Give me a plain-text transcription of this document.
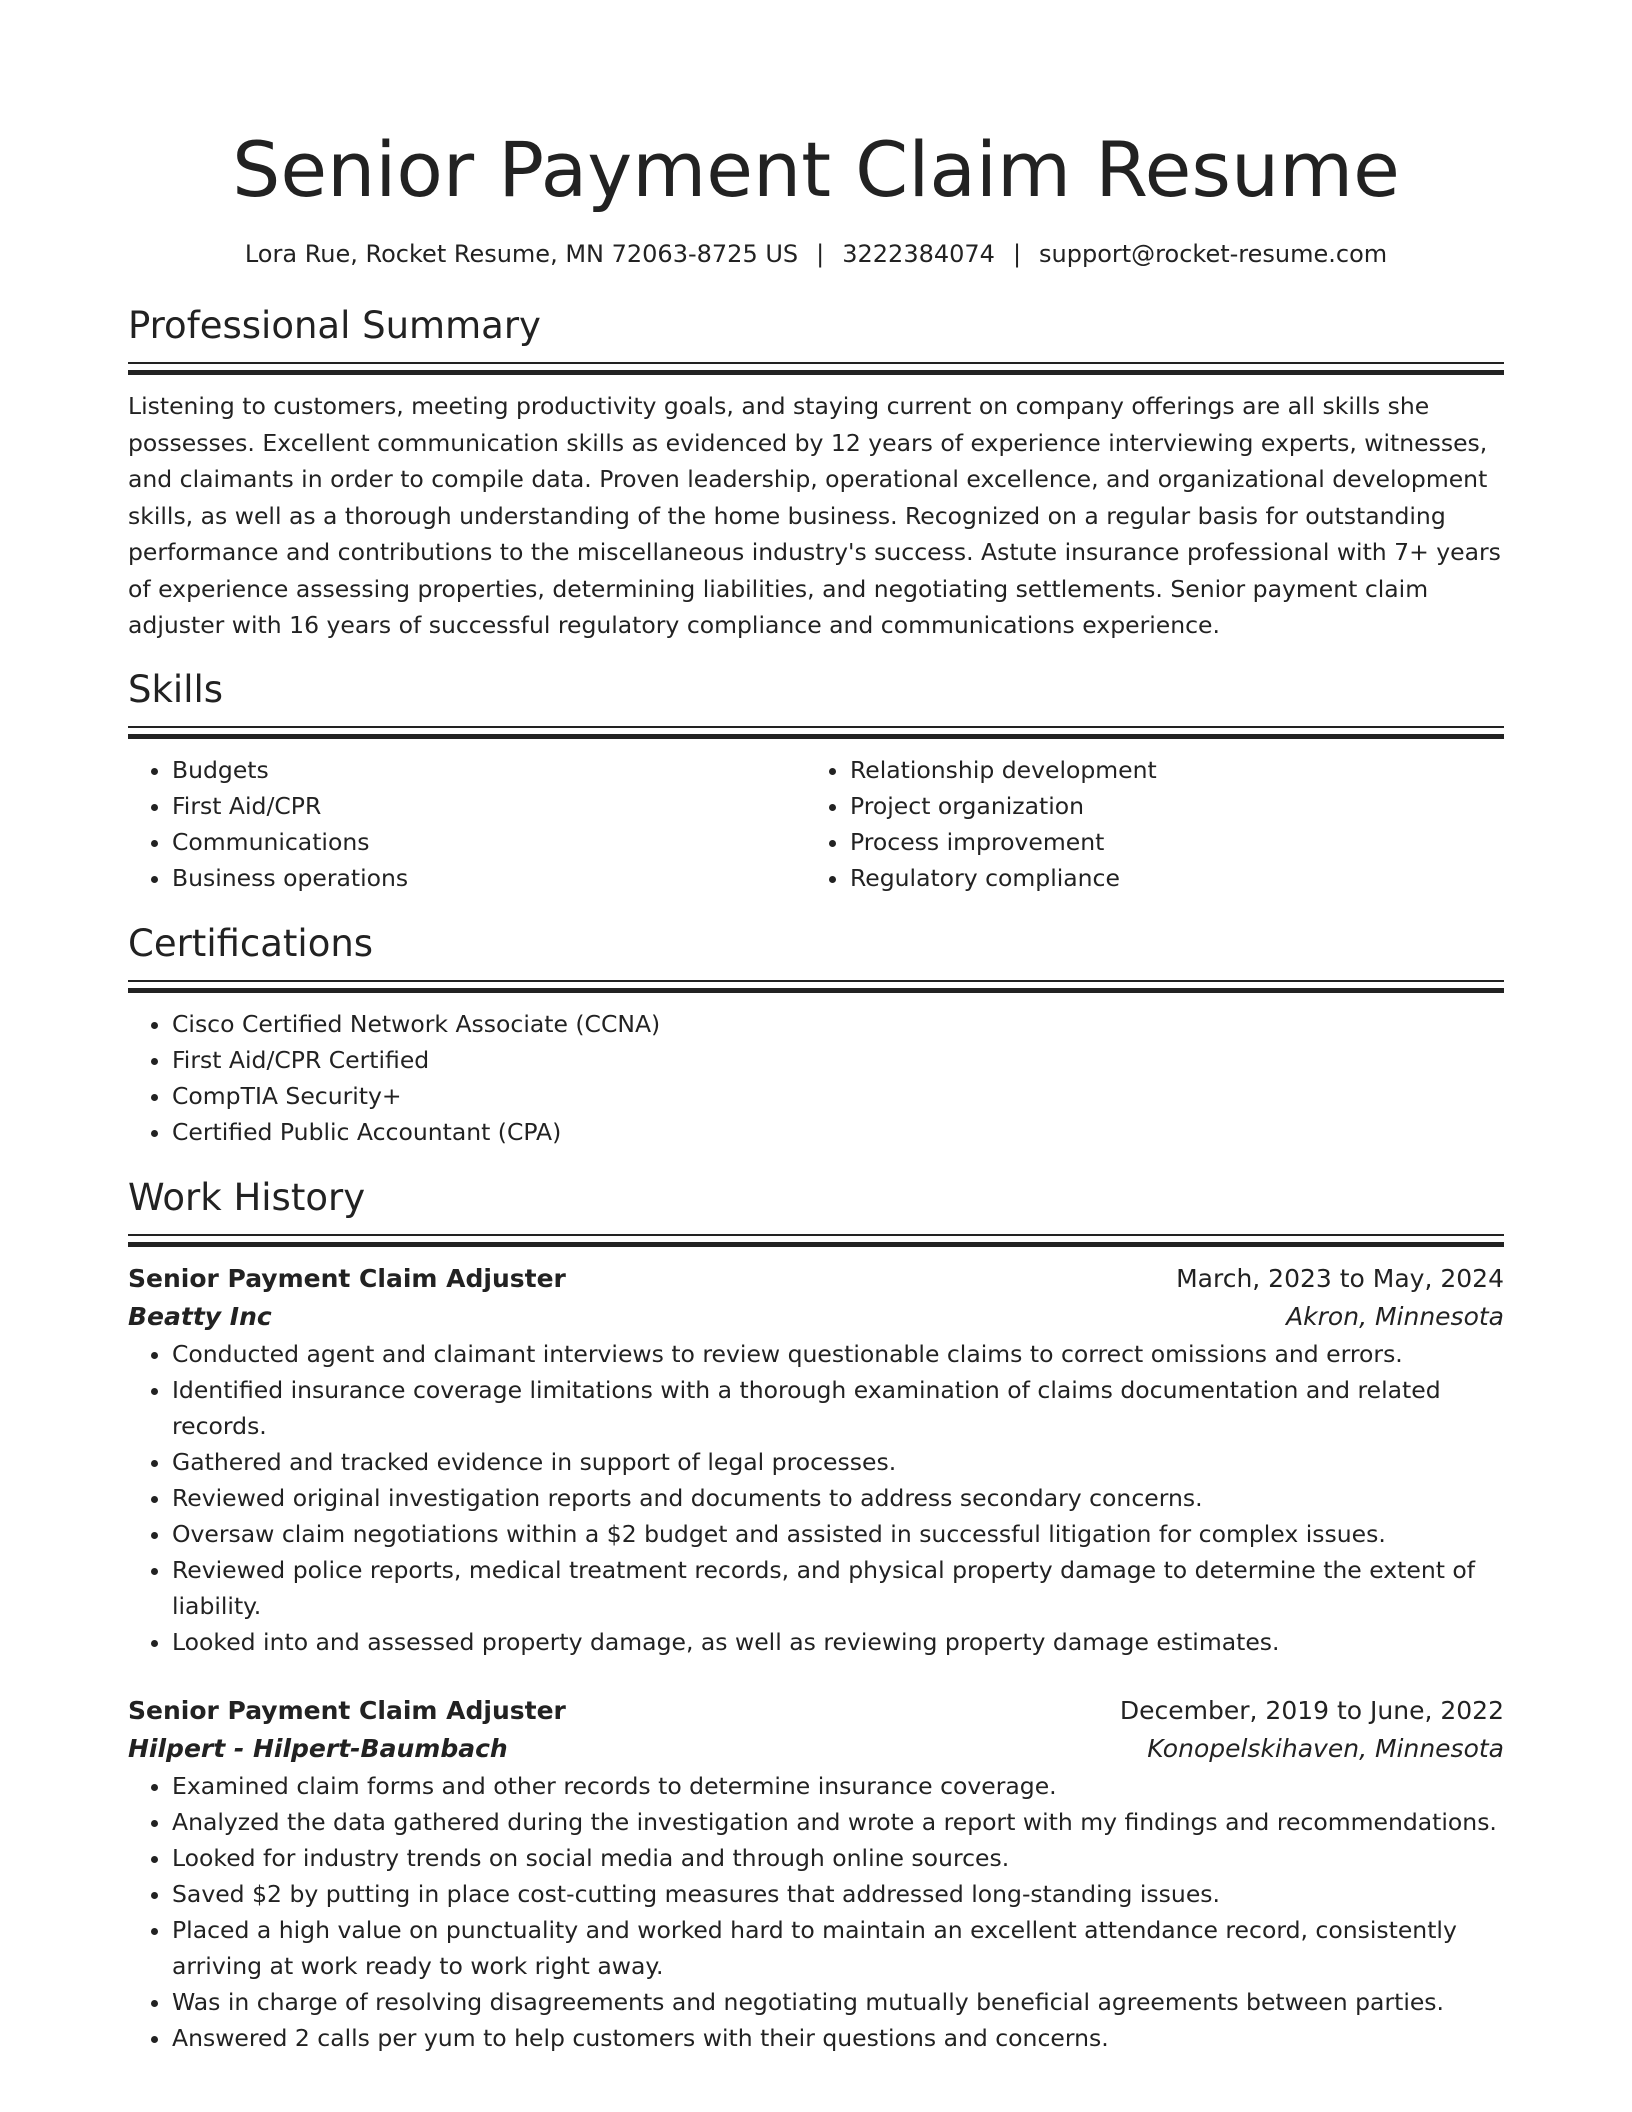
Senior Payment Claim Resume
Lora Rue, Rocket Resume, MN 72063-8725 US | 3222384074 | support@rocket-resume.com
Professional Summary

Listening to customers, meeting productivity goals, and staying current on company offerings are all skills she possesses. Excellent communication skills as evidenced by 12 years of experience interviewing experts, witnesses, and claimants in order to compile data. Proven leadership, operational excellence, and organizational development skills, as well as a thorough understanding of the home business. Recognized on a regular basis for outstanding performance and contributions to the miscellaneous industry's success. Astute insurance professional with 7+ years of experience assessing properties, determining liabilities, and negotiating settlements. Senior payment claim adjuster with 16 years of successful regulatory compliance and communications experience.

Skills
• Budgets
• First Aid/CPR
• Communications
• Business operations
• Relationship development
• Project organization
• Process improvement
• Regulatory compliance
Certifications
• Cisco Certified Network Associate (CCNA)
• First Aid/CPR Certified
• CompTIA Security+
• Certified Public Accountant (CPA)
Work History
Senior Payment Claim Adjuster	March, 2023 to May, 2024
Beatty Inc	Akron, Minnesota
• Conducted agent and claimant interviews to review questionable claims to correct omissions and errors.
• Identified insurance coverage limitations with a thorough examination of claims documentation and related records.
• Gathered and tracked evidence in support of legal processes.
• Reviewed original investigation reports and documents to address secondary concerns.
• Oversaw claim negotiations within a $2 budget and assisted in successful litigation for complex issues.
• Reviewed police reports, medical treatment records, and physical property damage to determine the extent of liability.
• Looked into and assessed property damage, as well as reviewing property damage estimates.
Senior Payment Claim Adjuster	December, 2019 to June, 2022
Hilpert - Hilpert-Baumbach	Konopelskihaven, Minnesota
• Examined claim forms and other records to determine insurance coverage.
• Analyzed the data gathered during the investigation and wrote a report with my findings and recommendations.
• Looked for industry trends on social media and through online sources.
• Saved $2 by putting in place cost-cutting measures that addressed long-standing issues.
• Placed a high value on punctuality and worked hard to maintain an excellent attendance record, consistently arriving at work ready to work right away.
• Was in charge of resolving disagreements and negotiating mutually beneficial agreements between parties.
• Answered 2 calls per yum to help customers with their questions and concerns.
